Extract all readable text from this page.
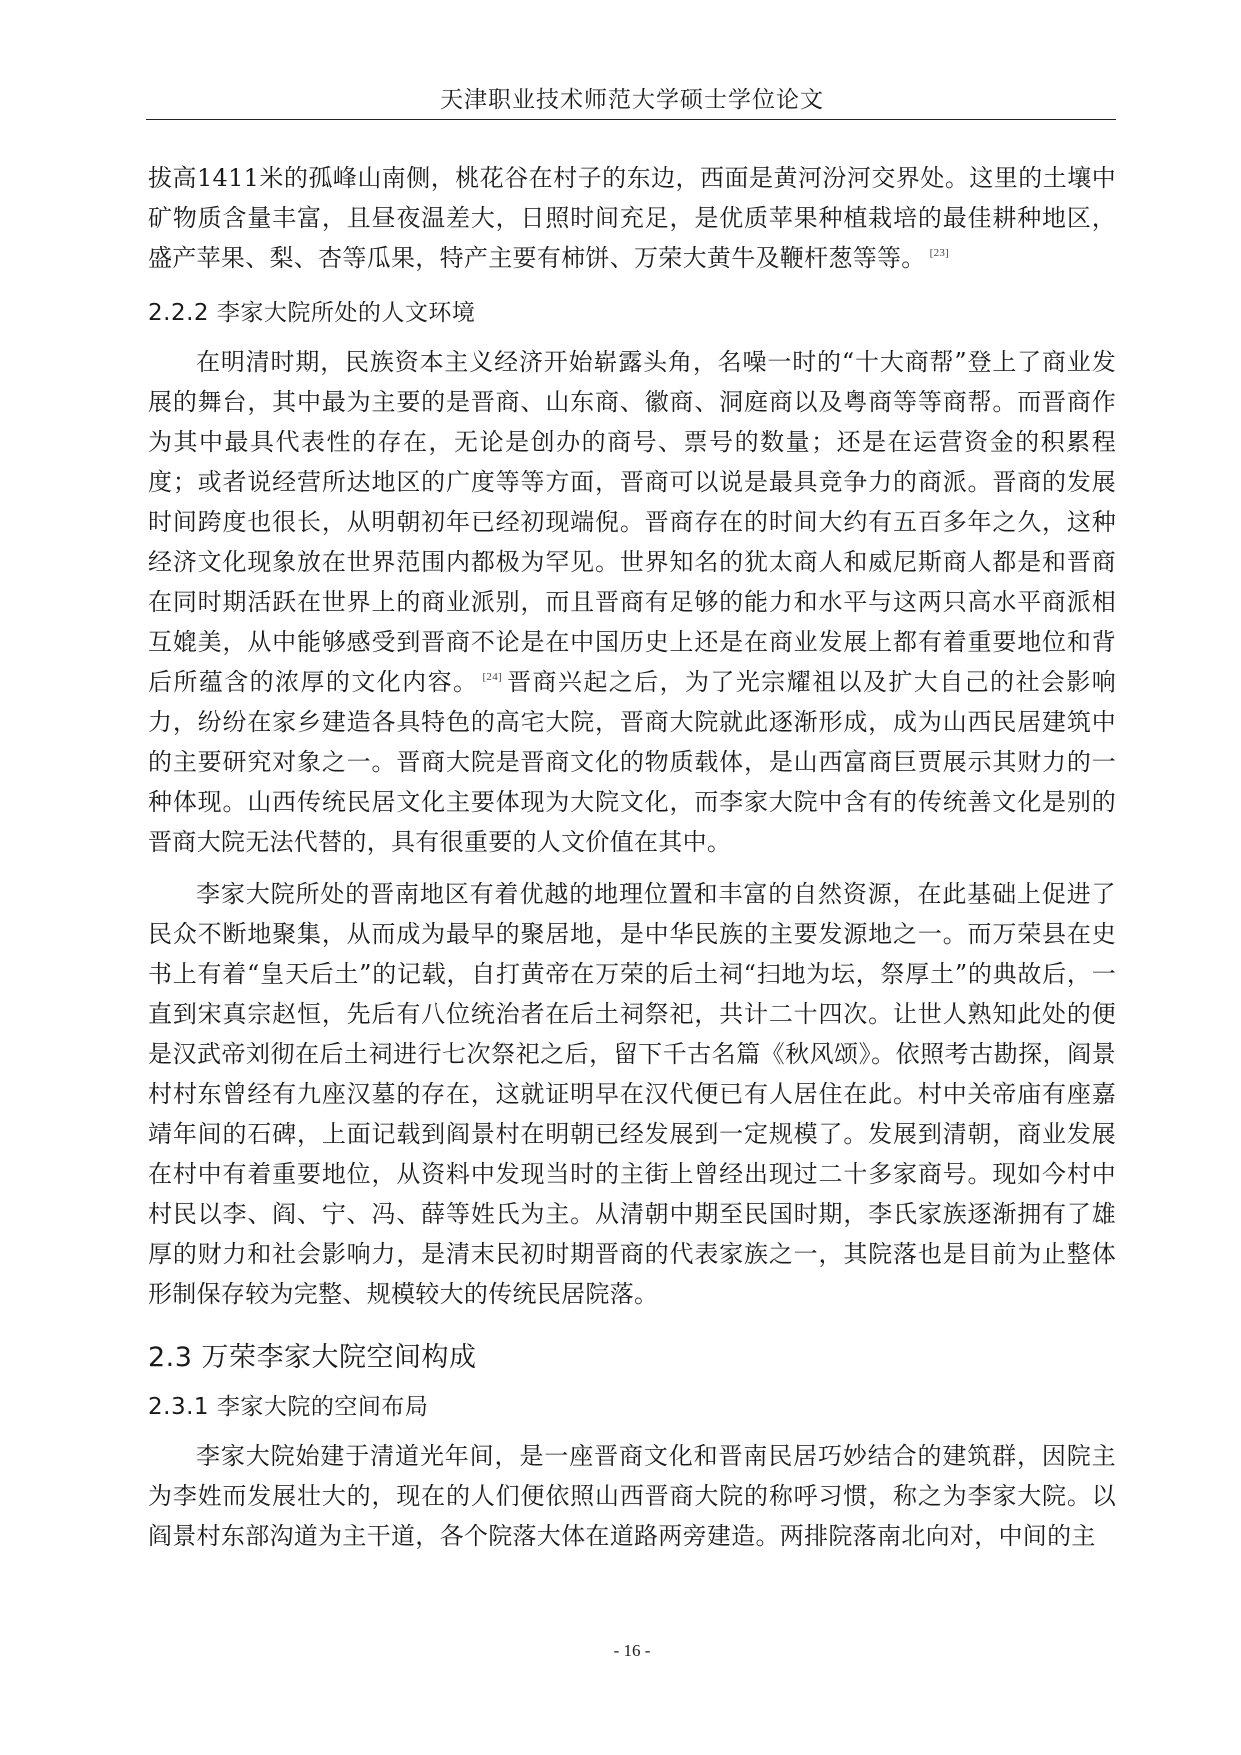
天津职业技术师范大学硕士学位论文

拔高1411米的孤峰山南侧，桃花谷在村子的东边，西面是黄河汾河交界处。这里的土壤中矿物质含量丰富，且昼夜温差大，日照时间充足，是优质苹果种植栽培的最佳耕种地区，盛产苹果、梨、杏等瓜果，特产主要有柿饼、万荣大黄牛及鞭杆葱等等。 [23]

2.2.2 李家大院所处的人文环境

在明清时期，民族资本主义经济开始崭露头角，名噪一时的“十大商帮”登上了商业发展的舞台，其中最为主要的是晋商、山东商、徽商、洞庭商以及粤商等等商帮。而晋商作为其中最具代表性的存在，无论是创办的商号、票号的数量；还是在运营资金的积累程度；或者说经营所达地区的广度等等方面，晋商可以说是最具竞争力的商派。晋商的发展时间跨度也很长，从明朝初年已经初现端倪。晋商存在的时间大约有五百多年之久，这种经济文化现象放在世界范围内都极为罕见。世界知名的犹太商人和威尼斯商人都是和晋商在同时期活跃在世界上的商业派别，而且晋商有足够的能力和水平与这两只高水平商派相互媲美，从中能够感受到晋商不论是在中国历史上还是在商业发展上都有着重要地位和背后所蕴含的浓厚的文化内容。 [24] 晋商兴起之后，为了光宗耀祖以及扩大自己的社会影响力，纷纷在家乡建造各具特色的高宅大院，晋商大院就此逐渐形成，成为山西民居建筑中的主要研究对象之一。晋商大院是晋商文化的物质载体，是山西富商巨贾展示其财力的一种体现。山西传统民居文化主要体现为大院文化，而李家大院中含有的传统善文化是别的晋商大院无法代替的，具有很重要的人文价值在其中。

李家大院所处的晋南地区有着优越的地理位置和丰富的自然资源，在此基础上促进了民众不断地聚集，从而成为最早的聚居地，是中华民族的主要发源地之一。而万荣县在史书上有着“皇天后土”的记载，自打黄帝在万荣的后土祠“扫地为坛，祭厚土”的典故后，一直到宋真宗赵恒，先后有八位统治者在后土祠祭祀，共计二十四次。让世人熟知此处的便是汉武帝刘彻在后土祠进行七次祭祀之后，留下千古名篇《秋风颂》。依照考古勘探，阎景村村东曾经有九座汉墓的存在，这就证明早在汉代便已有人居住在此。村中关帝庙有座嘉靖年间的石碑，上面记载到阎景村在明朝已经发展到一定规模了。发展到清朝，商业发展在村中有着重要地位，从资料中发现当时的主街上曾经出现过二十多家商号。现如今村中村民以李、阎、宁、冯、薛等姓氏为主。从清朝中期至民国时期，李氏家族逐渐拥有了雄厚的财力和社会影响力，是清末民初时期晋商的代表家族之一，其院落也是目前为止整体形制保存较为完整、规模较大的传统民居院落。

2.3 万荣李家大院空间构成
2.3.1 李家大院的空间布局

李家大院始建于清道光年间，是一座晋商文化和晋南民居巧妙结合的建筑群，因院主为李姓而发展壮大的，现在的人们便依照山西晋商大院的称呼习惯，称之为李家大院。以阎景村东部沟道为主干道，各个院落大体在道路两旁建造。两排院落南北向对，中间的主

- 16 -
